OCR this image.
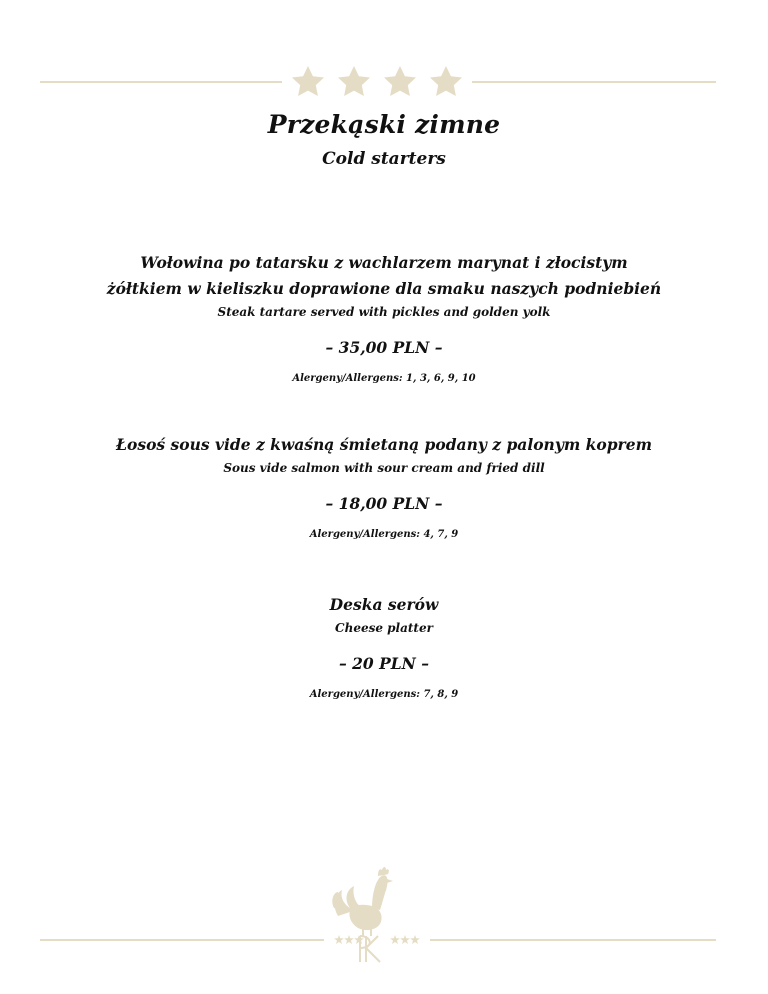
Przekąski zimne
Cold starters
Wołowina po tatarsku z wachlarzem marynat i złocistym
żółtkiem w kieliszku doprawione dla smaku naszych podniebień
Steak tartare served with pickles and golden yolk
– 35,00 PLN –
Alergeny/Allergens: 1, 3, 6, 9, 10
Łosoś sous vide z kwaśną śmietaną podany z palonym koprem
Sous vide salmon with sour cream and fried dill
– 18,00 PLN –
Alergeny/Allergens: 4, 7, 9
Deska serów
Cheese platter
– 20 PLN –
Alergeny/Allergens: 7, 8, 9
